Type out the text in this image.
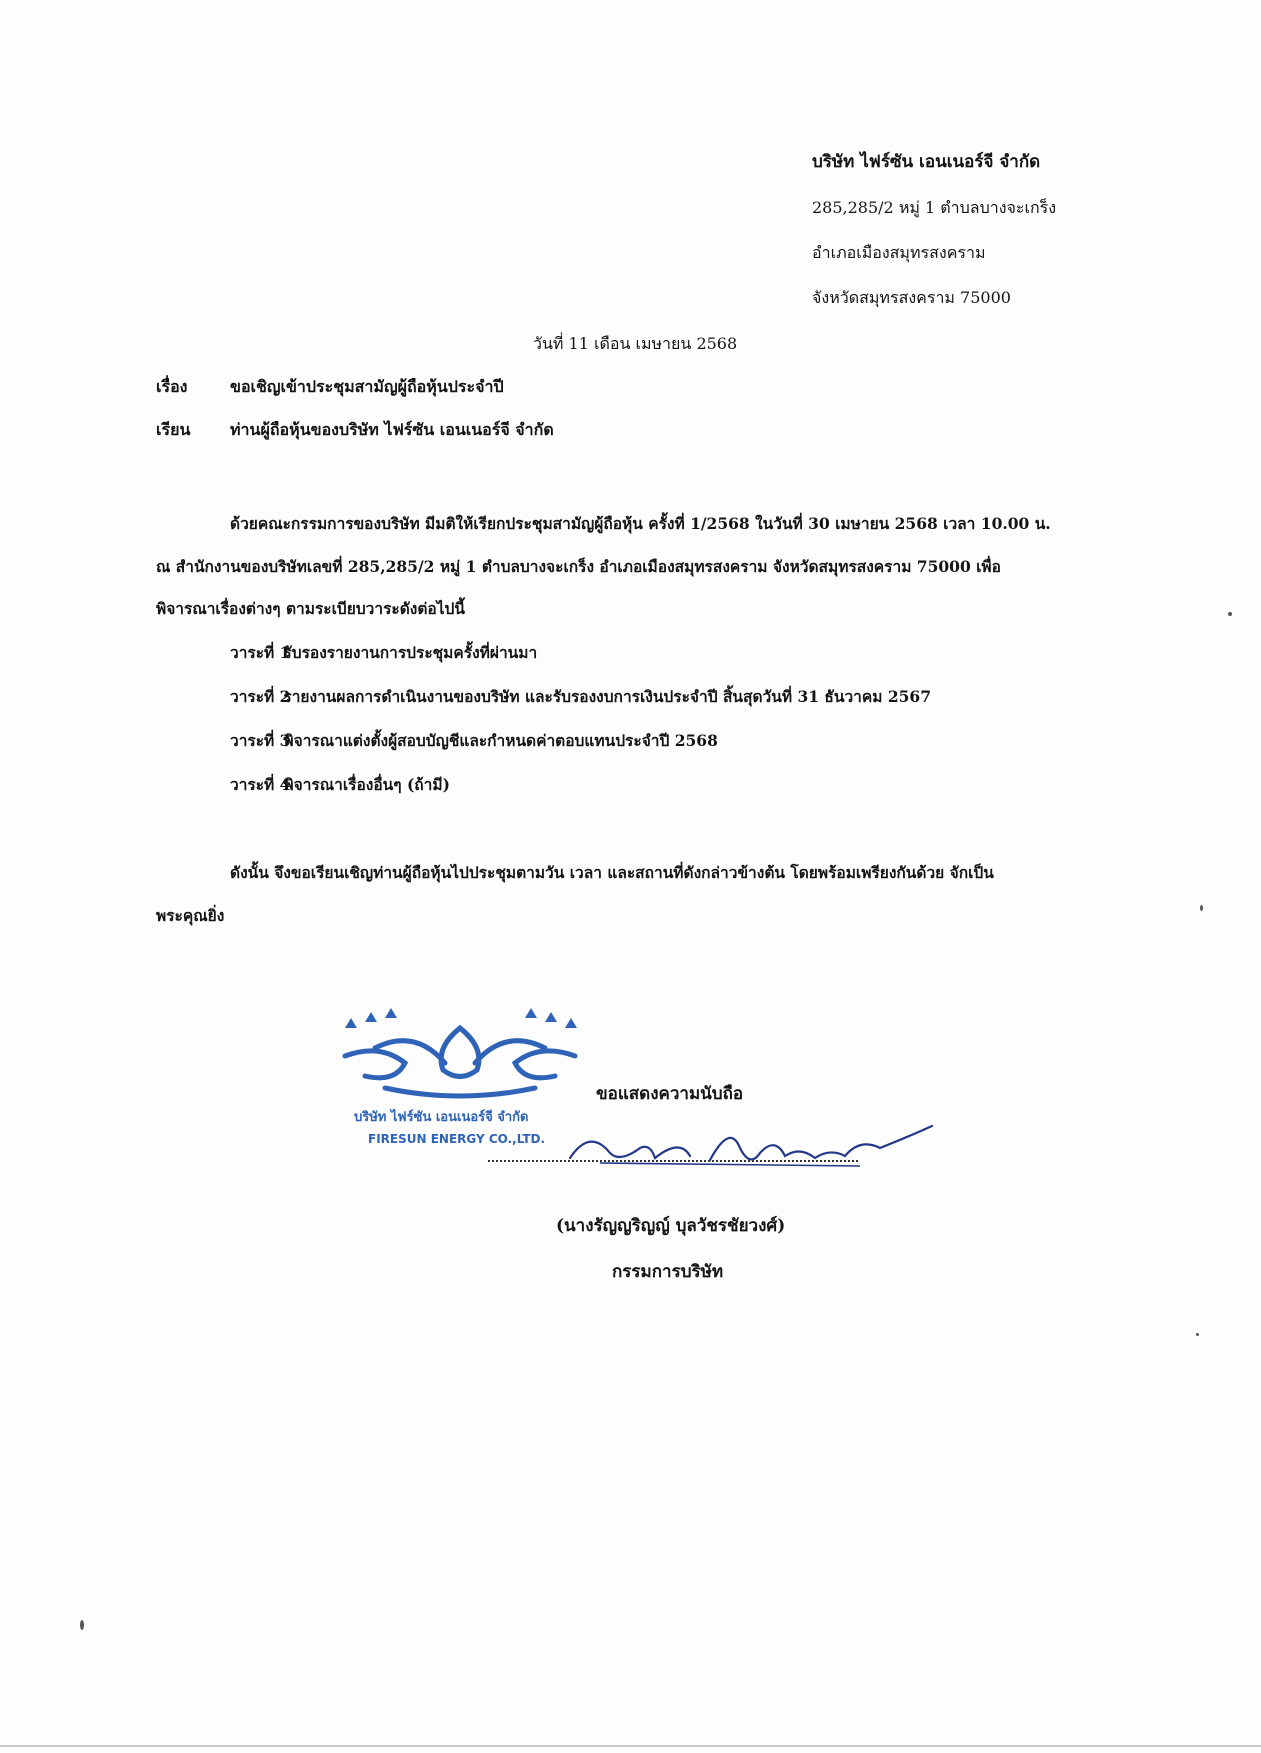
บริษัท ไฟร์ซัน เอนเนอร์จี จำกัด
285,285/2 หมู่ 1 ตำบลบางจะเกร็ง
อำเภอเมืองสมุทรสงคราม
จังหวัดสมุทรสงคราม 75000
วันที่ 11 เดือน เมษายน 2568
เรื่อง	ขอเชิญเข้าประชุมสามัญผู้ถือหุ้นประจำปี
เรียน ท่านผู้ถือหุ้นของบริษัท ไฟร์ซัน เอนเนอร์จี จำกัด
ด้วยคณะกรรมการของบริษัท มีมติให้เรียกประชุมสามัญผู้ถือหุ้น ครั้งที่ 1/2568 ในวันที่ 30 เมษายน 2568 เวลา 10.00 น.
ณ สำนักงานของบริษัทเลขที่ 285,285/2 หมู่ 1 ตำบลบางจะเกร็ง อำเภอเมืองสมุทรสงคราม จังหวัดสมุทรสงคราม 75000 เพื่อ
พิจารณาเรื่องต่างๆ ตามระเบียบวาระดังต่อไปนี้
วาระที่ 1 รับรองรายงานการประชุมครั้งที่ผ่านมา
วาระที่ 2 รายงานผลการดำเนินงานของบริษัท และรับรองงบการเงินประจำปี สิ้นสุดวันที่ 31 ธันวาคม 2567
วาระที่ 3 พิจารณาแต่งตั้งผู้สอบบัญชีและกำหนดค่าตอบแทนประจำปี 2568
วาระที่ 4 พิจารณาเรื่องอื่นๆ (ถ้ามี)
ดังนั้น จึงขอเรียนเชิญท่านผู้ถือหุ้นไปประชุมตามวัน เวลา และสถานที่ดังกล่าวข้างต้น โดยพร้อมเพรียงกันด้วย จักเป็น
พระคุณยิ่ง
บริษัท ไฟร์ซัน เอนเนอร์จี จำกัด
FIRESUN ENERGY CO.,LTD.
ขอแสดงความนับถือ
(นางรัญญริญญ์ บุลวัชรชัยวงศ์)
กรรมการบริษัท
